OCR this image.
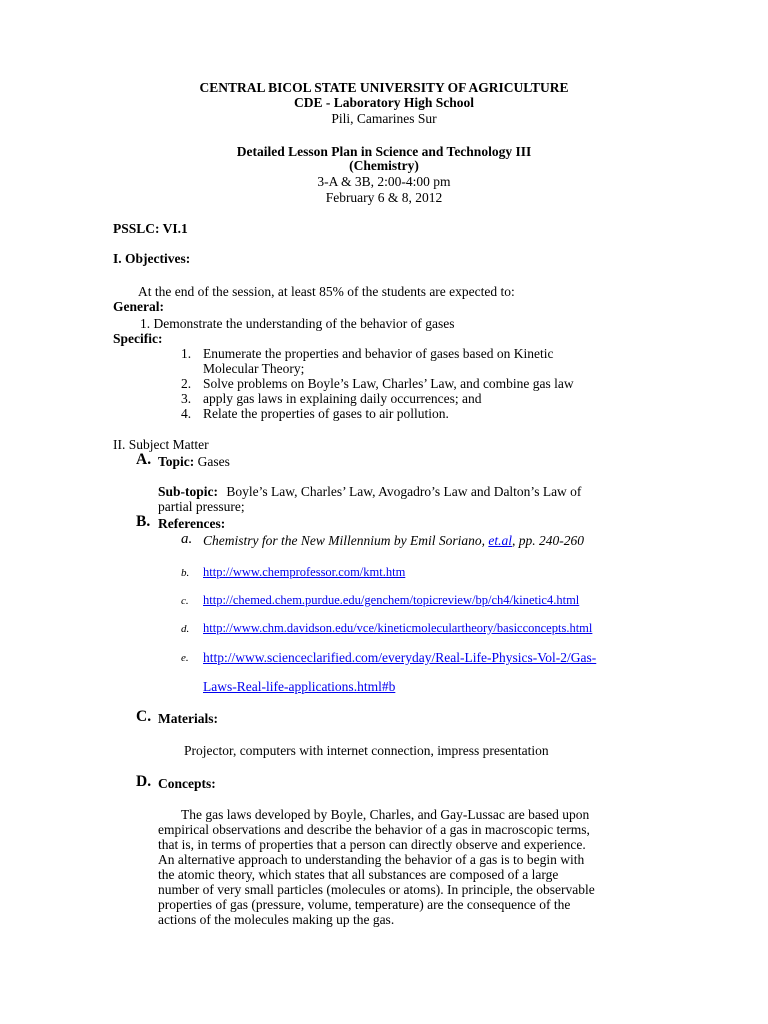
CENTRAL BICOL STATE UNIVERSITY OF AGRICULTURE
CDE - Laboratory High School
Pili, Camarines Sur
Detailed Lesson Plan in Science and Technology III
(Chemistry)
3-A & 3B, 2:00-4:00 pm
February 6 & 8, 2012
PSSLC: VI.1
I. Objectives:
At the end of the session, at least 85% of the students are expected to:
General:
1. Demonstrate the understanding of the behavior of gases
Specific:
1. Enumerate the properties and behavior of gases based on Kinetic
Molecular Theory;
2. Solve problems on Boyle’s Law, Charles’ Law, and combine gas law
3. apply gas laws in explaining daily occurrences; and
4. Relate the properties of gases to air pollution.
II. Subject Matter
A. Topic: Gases
Sub-topic: Boyle’s Law, Charles’ Law, Avogadro’s Law and Dalton’s Law of
partial pressure;
B. References:
a. Chemistry for the New Millennium by Emil Soriano, et.al, pp. 240-260
b. http://www.chemprofessor.com/kmt.htm
c. http://chemed.chem.purdue.edu/genchem/topicreview/bp/ch4/kinetic4.html
d. http://www.chm.davidson.edu/vce/kineticmoleculartheory/basicconcepts.html
e. http://www.scienceclarified.com/everyday/Real-Life-Physics-Vol-2/Gas-
Laws-Real-life-applications.html#b
C. Materials:
Projector, computers with internet connection, impress presentation
D. Concepts:
The gas laws developed by Boyle, Charles, and Gay-Lussac are based upon
empirical observations and describe the behavior of a gas in macroscopic terms,
that is, in terms of properties that a person can directly observe and experience.
An alternative approach to understanding the behavior of a gas is to begin with
the atomic theory, which states that all substances are composed of a large
number of very small particles (molecules or atoms). In principle, the observable
properties of gas (pressure, volume, temperature) are the consequence of the
actions of the molecules making up the gas.
